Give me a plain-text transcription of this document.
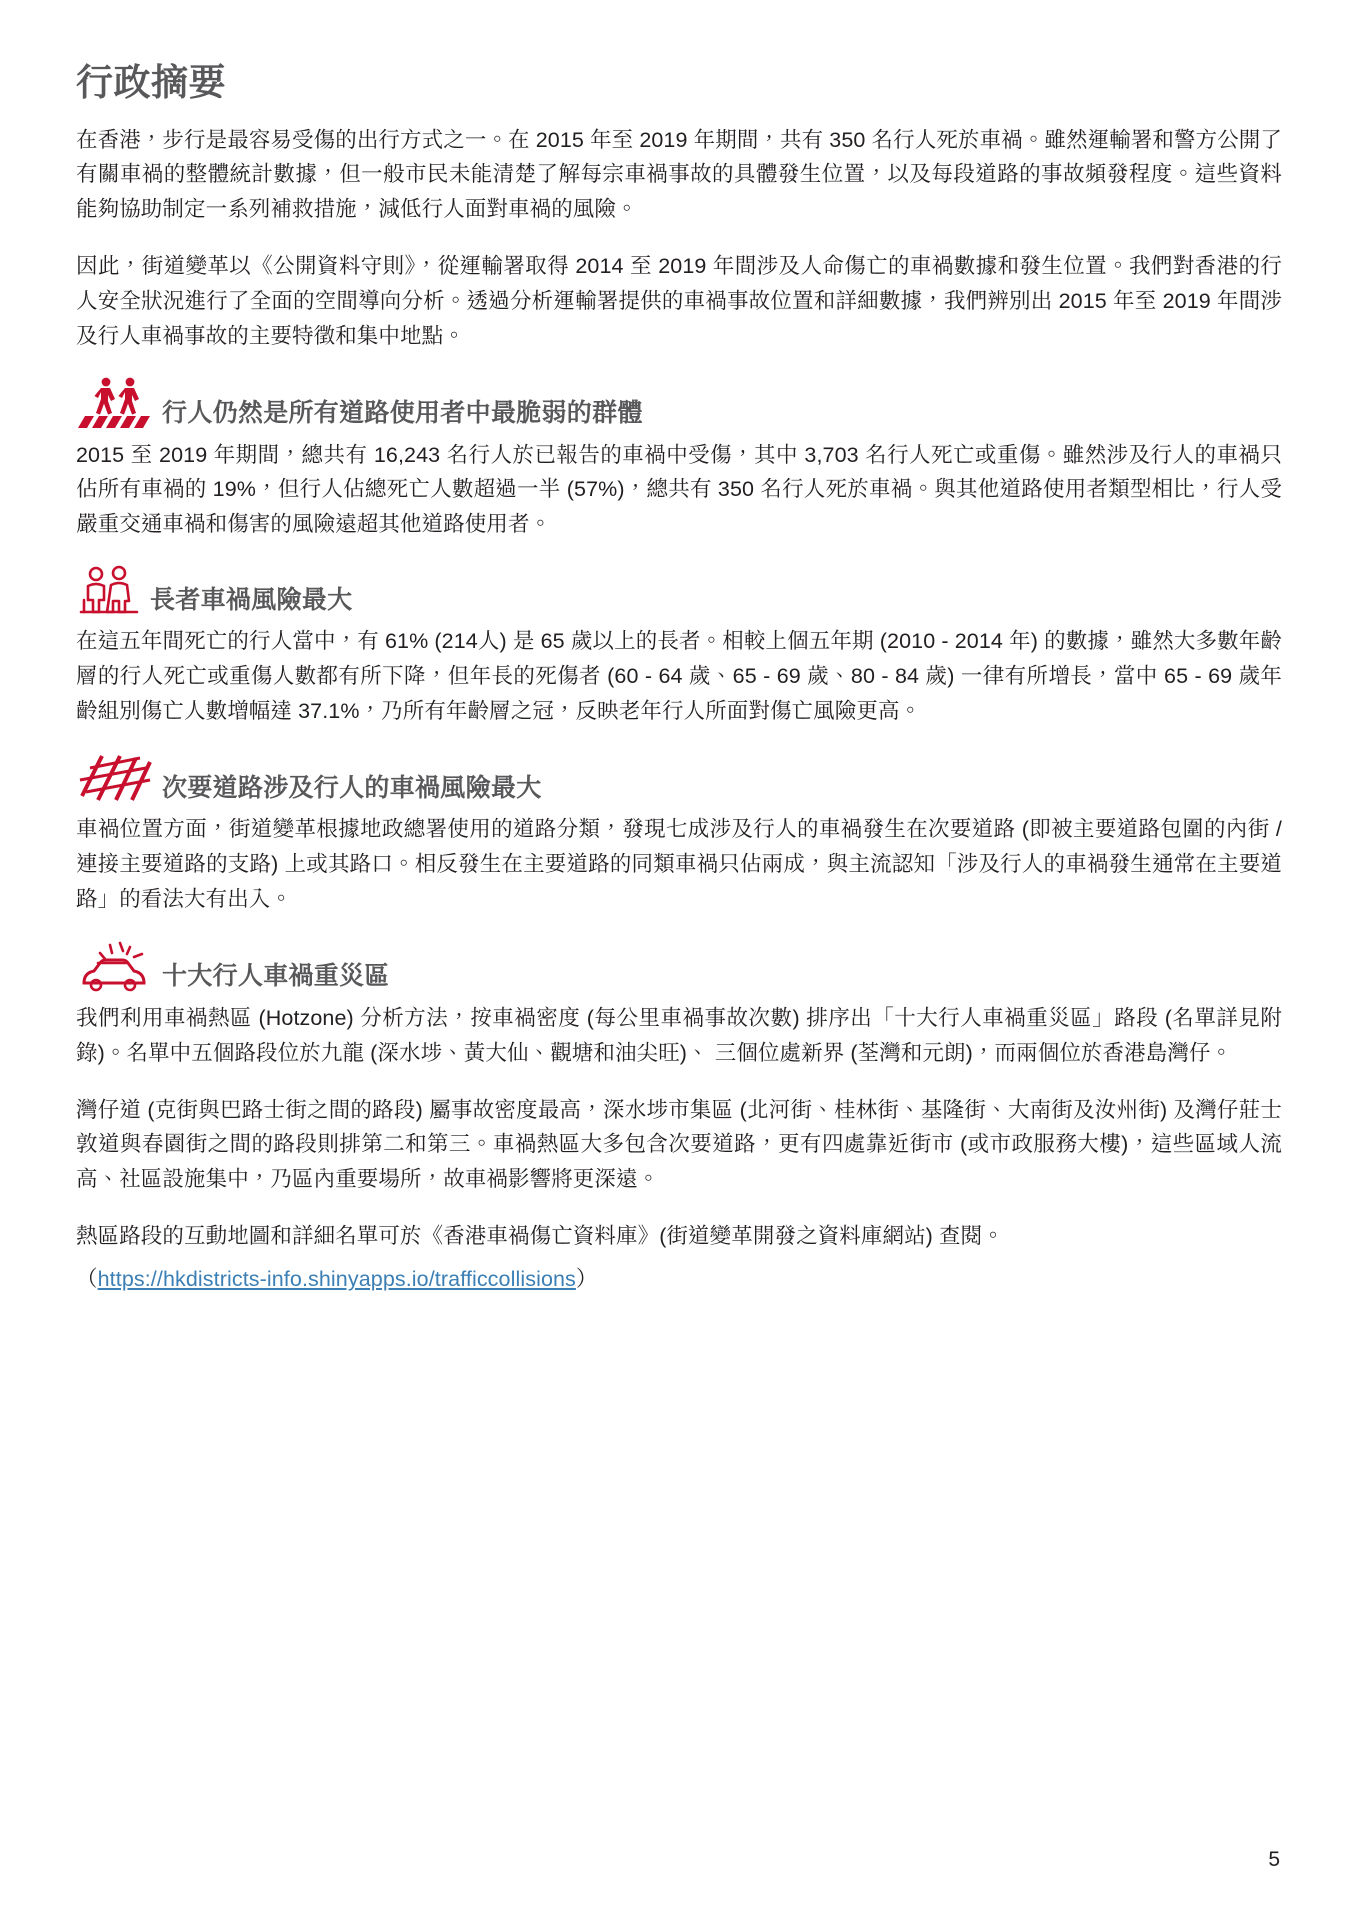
行政摘要

在香港，步行是最容易受傷的出行方式之一。在 2015 年至 2019 年期間，共有 350 名行人死於車禍。雖然運輸署和警方公開了有關車禍的整體統計數據，但一般市民未能清楚了解每宗車禍事故的具體發生位置，以及每段道路的事故頻發程度。這些資料能夠協助制定一系列補救措施，減低行人面對車禍的風險。

因此，街道變革以《公開資料守則》，從運輸署取得 2014 至 2019 年間涉及人命傷亡的車禍數據和發生位置。我們對香港的行人安全狀況進行了全面的空間導向分析。透過分析運輸署提供的車禍事故位置和詳細數據，我們辨別出 2015 年至 2019 年間涉及行人車禍事故的主要特徵和集中地點。

行人仍然是所有道路使用者中最脆弱的群體

2015 至 2019 年期間，總共有 16,243 名行人於已報告的車禍中受傷，其中 3,703 名行人死亡或重傷。雖然涉及行人的車禍只佔所有車禍的 19%，但行人佔總死亡人數超過一半 (57%)，總共有 350 名行人死於車禍。與其他道路使用者類型相比，行人受嚴重交通車禍和傷害的風險遠超其他道路使用者。

長者車禍風險最大

在這五年間死亡的行人當中，有 61% (214人) 是 65 歲以上的長者。相較上個五年期 (2010 - 2014 年) 的數據，雖然大多數年齡層的行人死亡或重傷人數都有所下降，但年長的死傷者 (60 - 64 歲、65 - 69 歲、80 - 84 歲) 一律有所增長，當中 65 - 69 歲年齡組別傷亡人數增幅達 37.1%，乃所有年齡層之冠，反映老年行人所面對傷亡風險更高。

次要道路涉及行人的車禍風險最大

車禍位置方面，街道變革根據地政總署使用的道路分類，發現七成涉及行人的車禍發生在次要道路 (即被主要道路包圍的內街 / 連接主要道路的支路) 上或其路口。相反發生在主要道路的同類車禍只佔兩成，與主流認知「涉及行人的車禍發生通常在主要道路」的看法大有出入。

十大行人車禍重災區

我們利用車禍熱區 (Hotzone) 分析方法，按車禍密度 (每公里車禍事故次數) 排序出「十大行人車禍重災區」路段 (名單詳見附錄)。名單中五個路段位於九龍 (深水埗、黃大仙、觀塘和油尖旺)、 三個位處新界 (荃灣和元朗)，而兩個位於香港島灣仔。

灣仔道 (克街與巴路士街之間的路段) 屬事故密度最高，深水埗市集區 (北河街、桂林街、基隆街、大南街及汝州街) 及灣仔莊士敦道與春園街之間的路段則排第二和第三。車禍熱區大多包含次要道路，更有四處靠近街市 (或市政服務大樓)，這些區域人流高、社區設施集中，乃區內重要場所，故車禍影響將更深遠。

熱區路段的互動地圖和詳細名單可於《香港車禍傷亡資料庫》(街道變革開發之資料庫網站) 查閱。

（https://hkdistricts-info.shinyapps.io/trafficcollisions）

5
